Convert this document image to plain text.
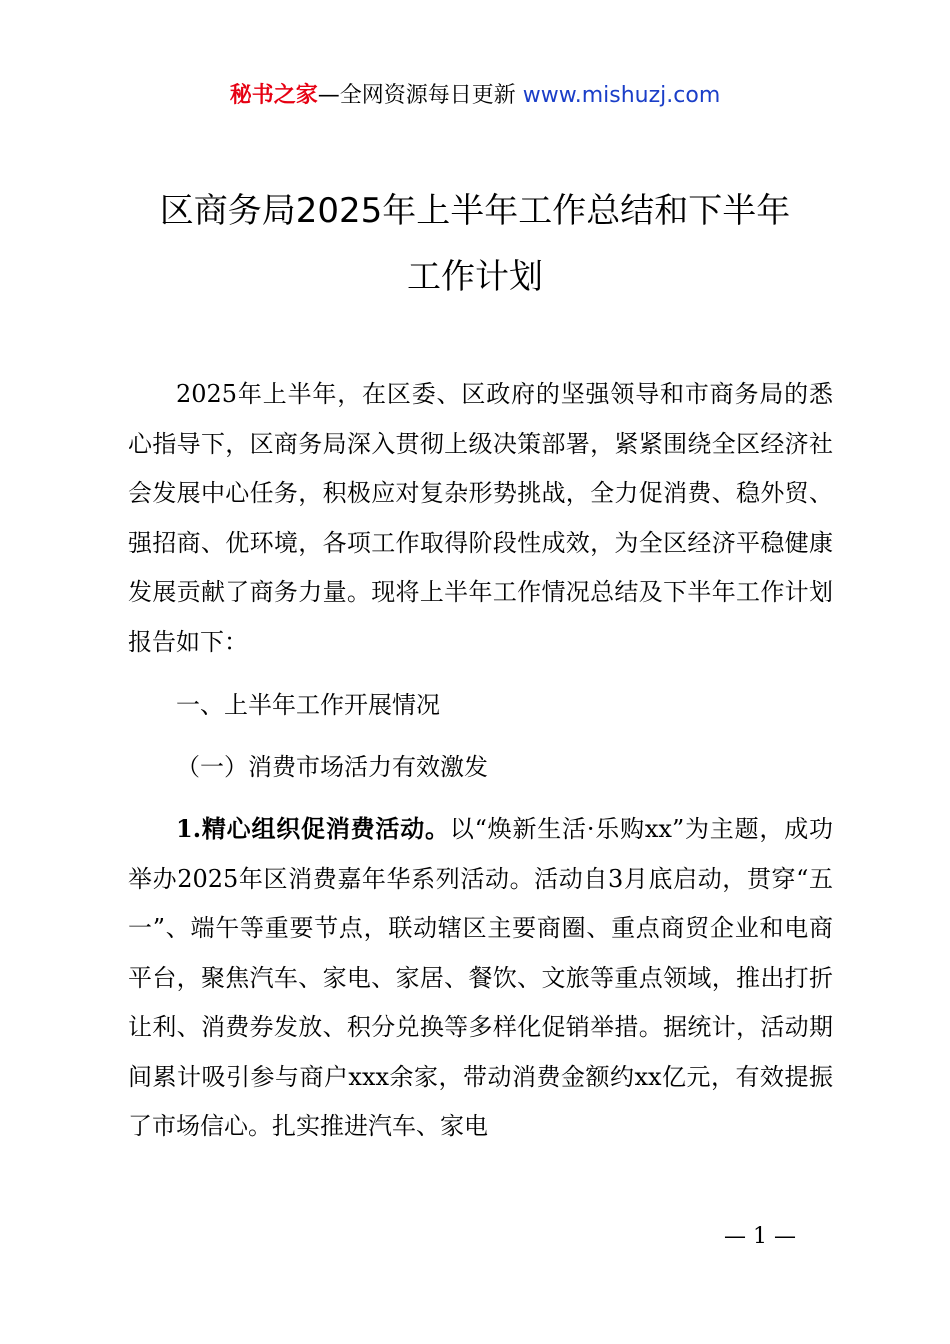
秘书之家—全网资源每日更新 www.mishuzj.com
区商务局2025年上半年工作总结和下半年
工作计划

2025年上半年，在区委、区政府的坚强领导和市商务局的悉心指导下，区商务局深入贯彻上级决策部署，紧紧围绕全区经济社会发展中心任务，积极应对复杂形势挑战，全力促消费、稳外贸、强招商、优环境，各项工作取得阶段性成效，为全区经济平稳健康发展贡献了商务力量。现将上半年工作情况总结及下半年工作计划报告如下：

一、上半年工作开展情况

（一）消费市场活力有效激发

1.精心组织促消费活动。以“焕新生活·乐购xx”为主题，成功举办2025年区消费嘉年华系列活动。活动自3月底启动，贯穿“五一”、端午等重要节点，联动辖区主要商圈、重点商贸企业和电商平台，聚焦汽车、家电、家居、餐饮、文旅等重点领域，推出打折让利、消费券发放、积分兑换等多样化促销举措。据统计，活动期间累计吸引参与商户xxx余家，带动消费金额约xx亿元，有效提振了市场信心。扎实推进汽车、家电

— 1 —
